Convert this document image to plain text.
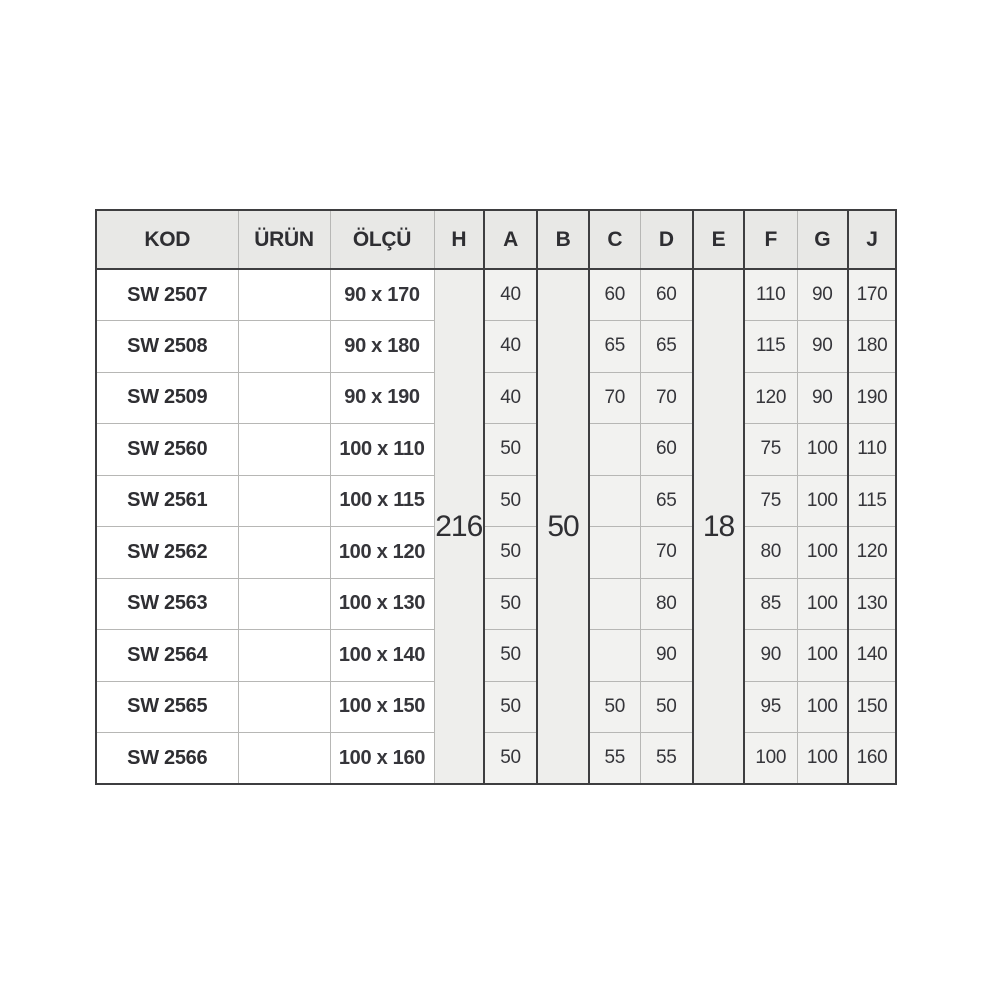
KOD	ÜRÜN	ÖLÇÜ	H	A	B	C	D	E	F	G	J
SW 2507		90 x 170	216	40	50	60	60	18	110	90	170
SW 2508		90 x 180		40		65	65		115	90	180
SW 2509		90 x 190		40		70	70		120	90	190
SW 2560		100 x 110		50			60		75	100	110
SW 2561		100 x 115		50			65		75	100	115
SW 2562		100 x 120		50			70		80	100	120
SW 2563		100 x 130		50			80		85	100	130
SW 2564		100 x 140		50			90		90	100	140
SW 2565		100 x 150		50		50	50		95	100	150
SW 2566		100 x 160		50		55	55		100	100	160
